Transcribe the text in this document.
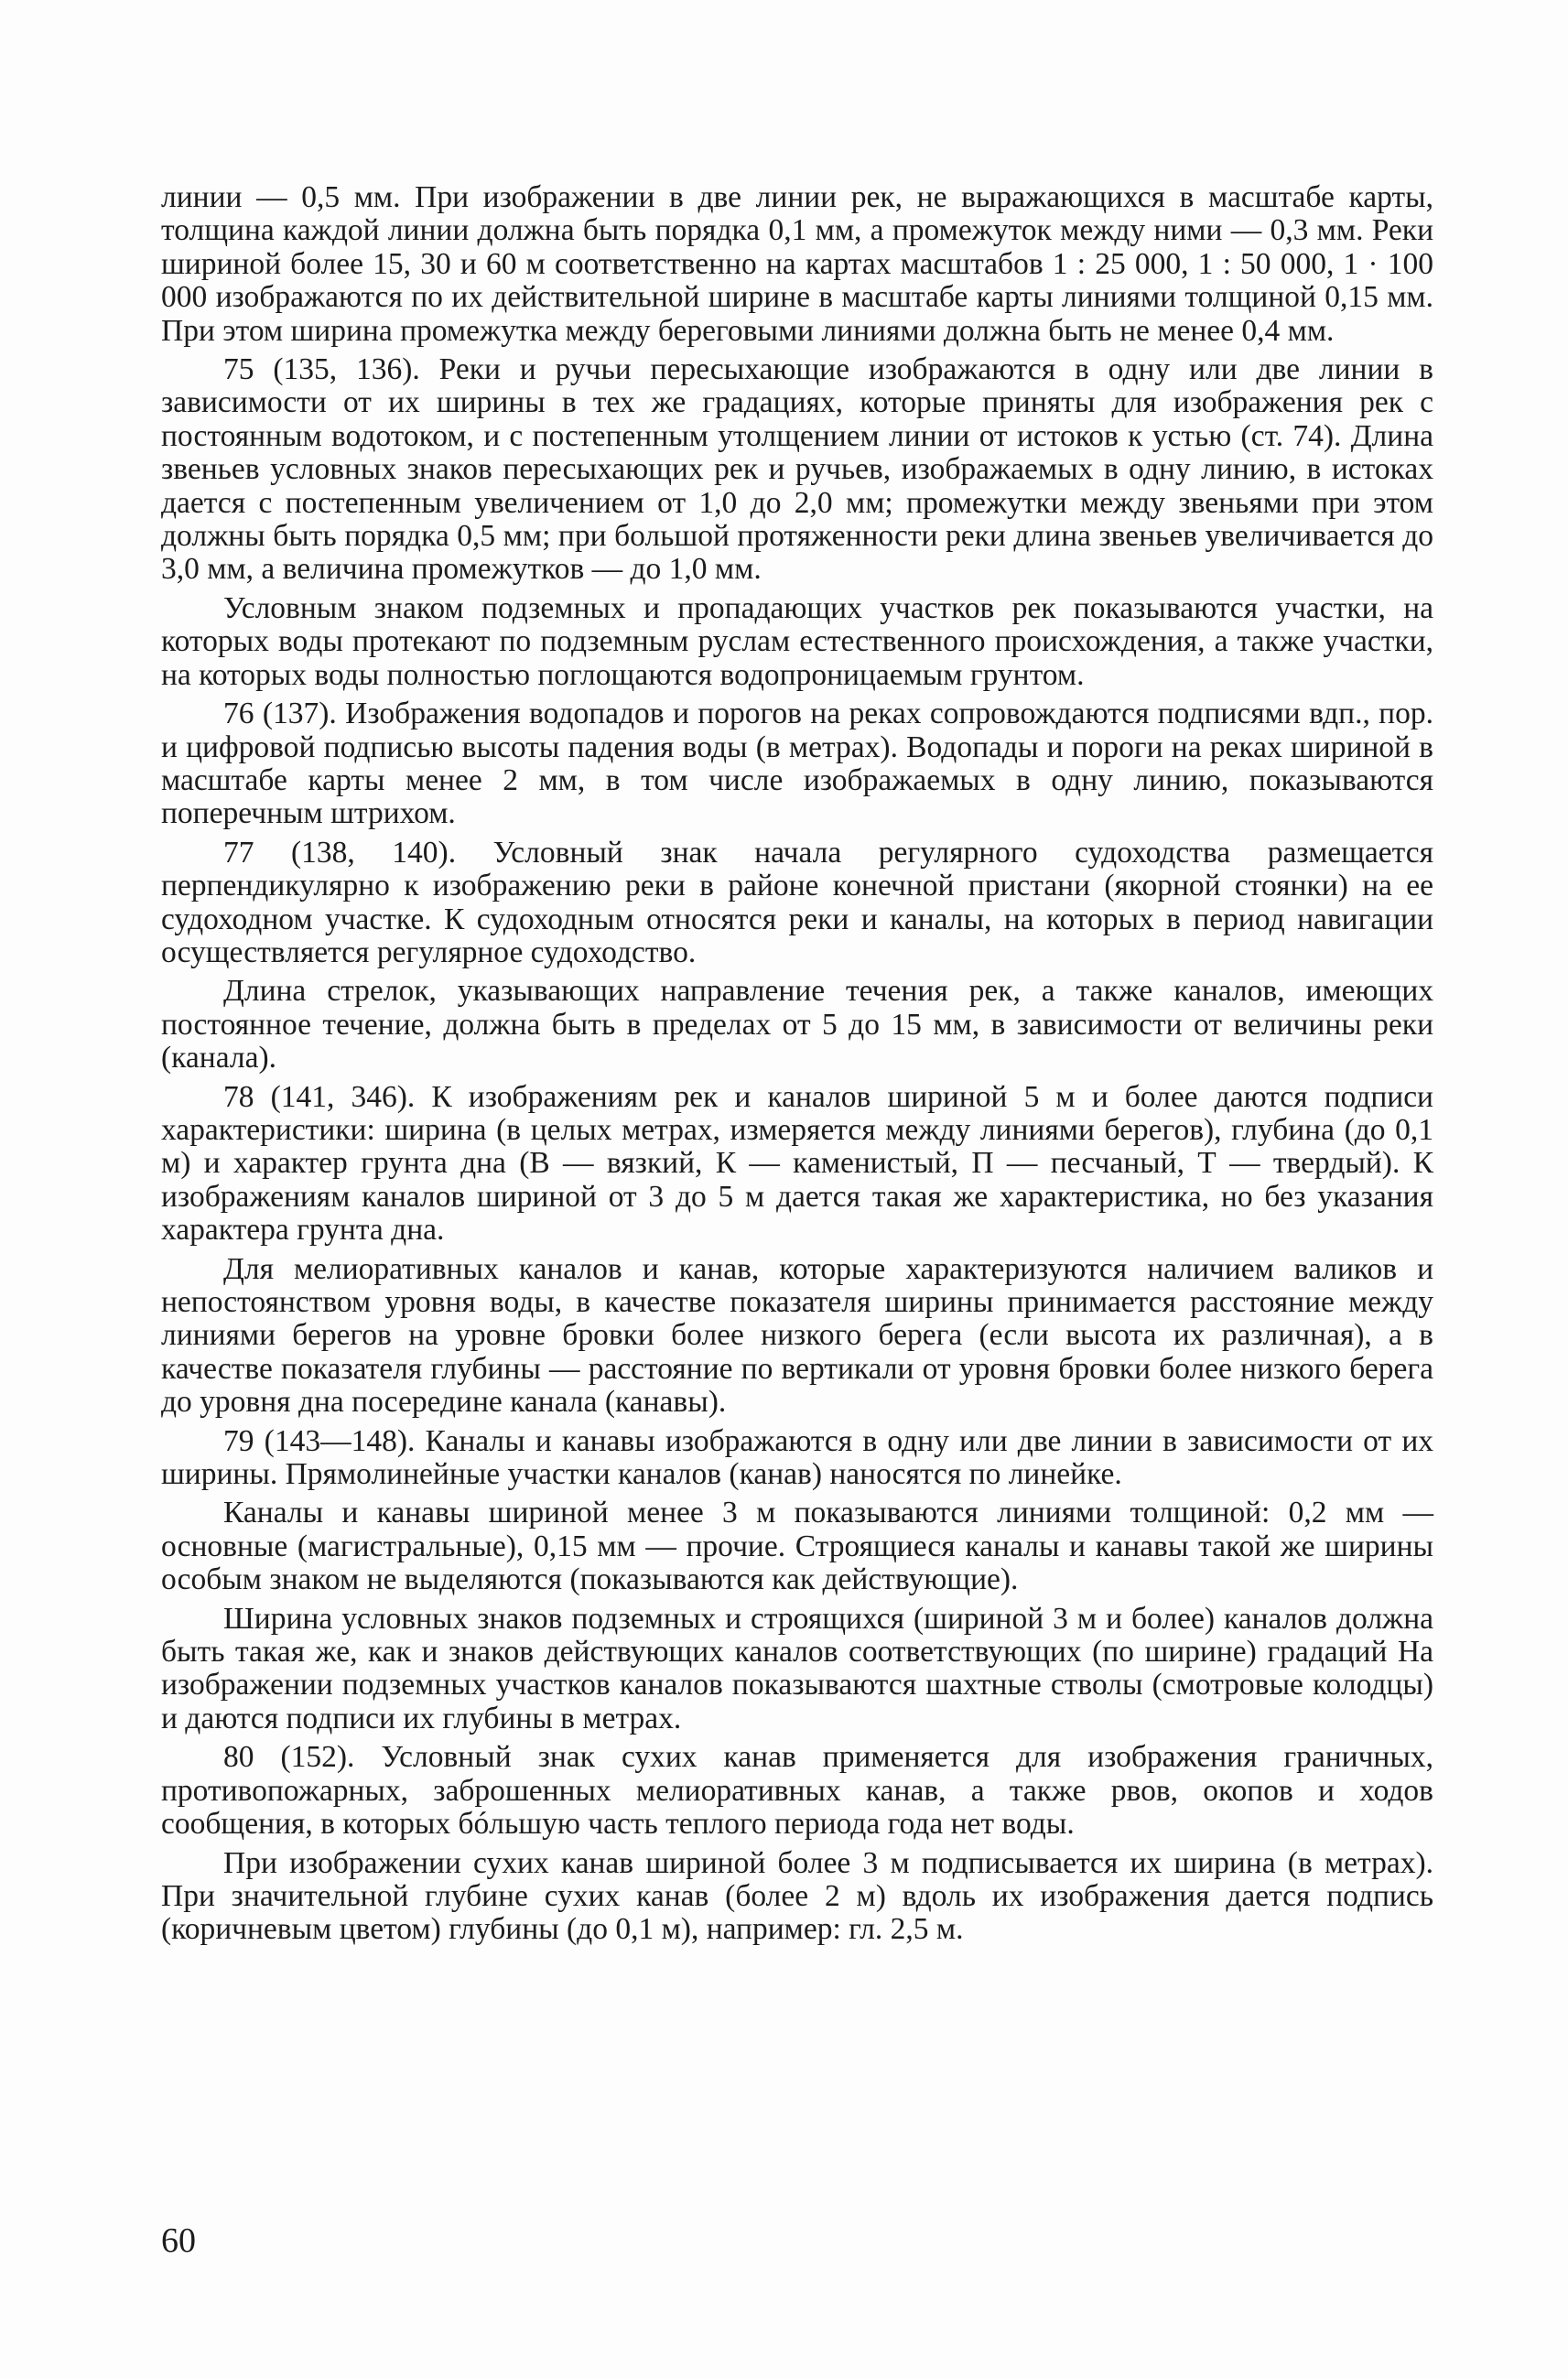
линии — 0,5 мм. При изображении в две линии рек, не выражающихся в масштабе карты, толщина каждой линии должна быть порядка 0,1 мм, а промежуток между ними — 0,3 мм. Реки шириной более 15, 30 и 60 м соответственно на картах масштабов 1 : 25 000, 1 : 50 000, 1 · 100 000 изображаются по их действительной ширине в масштабе карты линиями толщиной 0,15 мм. При этом ширина промежутка между береговыми линиями должна быть не менее 0,4 мм.

75 (135, 136). Реки и ручьи пересыхающие изображаются в одну или две линии в зависимости от их ширины в тех же градациях, которые приняты для изображения рек с постоянным водотоком, и с постепенным утолщением линии от истоков к устью (ст. 74). Длина звеньев условных знаков пересыхающих рек и ручьев, изображаемых в одну линию, в истоках дается с постепенным увеличением от 1,0 до 2,0 мм; промежутки между звеньями при этом должны быть порядка 0,5 мм; при большой протяженности реки длина звеньев увеличивается до 3,0 мм, а величина промежутков — до 1,0 мм.

Условным знаком подземных и пропадающих участков рек показываются участки, на которых воды протекают по подземным руслам естественного происхождения, а также участки, на которых воды полностью поглощаются водопроницаемым грунтом.

76 (137). Изображения водопадов и порогов на реках сопровождаются подписями вдп., пор. и цифровой подписью высоты падения воды (в метрах). Водопады и пороги на реках шириной в масштабе карты менее 2 мм, в том числе изображаемых в одну линию, показываются поперечным штрихом.

77 (138, 140). Условный знак начала регулярного судоходства размещается перпендикулярно к изображению реки в районе конечной пристани (якорной стоянки) на ее судоходном участке. К судоходным относятся реки и каналы, на которых в период навигации осуществляется регулярное судоходство.

Длина стрелок, указывающих направление течения рек, а также каналов, имеющих постоянное течение, должна быть в пределах от 5 до 15 мм, в зависимости от величины реки (канала).

78 (141, 346). К изображениям рек и каналов шириной 5 м и более даются подписи характеристики: ширина (в целых метрах, измеряется между линиями берегов), глубина (до 0,1 м) и характер грунта дна (В — вязкий, К — каменистый, П — песчаный, Т — твердый). К изображениям каналов шириной от 3 до 5 м дается такая же характеристика, но без указания характера грунта дна.

Для мелиоративных каналов и канав, которые характеризуются наличием валиков и непостоянством уровня воды, в качестве показателя ширины принимается расстояние между линиями берегов на уровне бровки более низкого берега (если высота их различная), а в качестве показателя глубины — расстояние по вертикали от уровня бровки более низкого берега до уровня дна посередине канала (канавы).

79 (143—148). Каналы и канавы изображаются в одну или две линии в зависимости от их ширины. Прямолинейные участки каналов (канав) наносятся по линейке.

Каналы и канавы шириной менее 3 м показываются линиями толщиной: 0,2 мм — основные (магистральные), 0,15 мм — прочие. Строящиеся каналы и канавы такой же ширины особым знаком не выделяются (показываются как действующие).

Ширина условных знаков подземных и строящихся (шириной 3 м и более) каналов должна быть такая же, как и знаков действующих каналов соответствующих (по ширине) градаций На изображении подземных участков каналов показываются шахтные стволы (смотровые колодцы) и даются подписи их глубины в метрах.

80 (152). Условный знак сухих канав применяется для изображения граничных, противопожарных, заброшенных мелиоративных канав, а также рвов, окопов и ходов сообщения, в которых бóльшую часть теплого периода года нет воды.

При изображении сухих канав шириной более 3 м подписывается их ширина (в метрах). При значительной глубине сухих канав (более 2 м) вдоль их изображения дается подпись (коричневым цветом) глубины (до 0,1 м), например: гл. 2,5 м.

60
